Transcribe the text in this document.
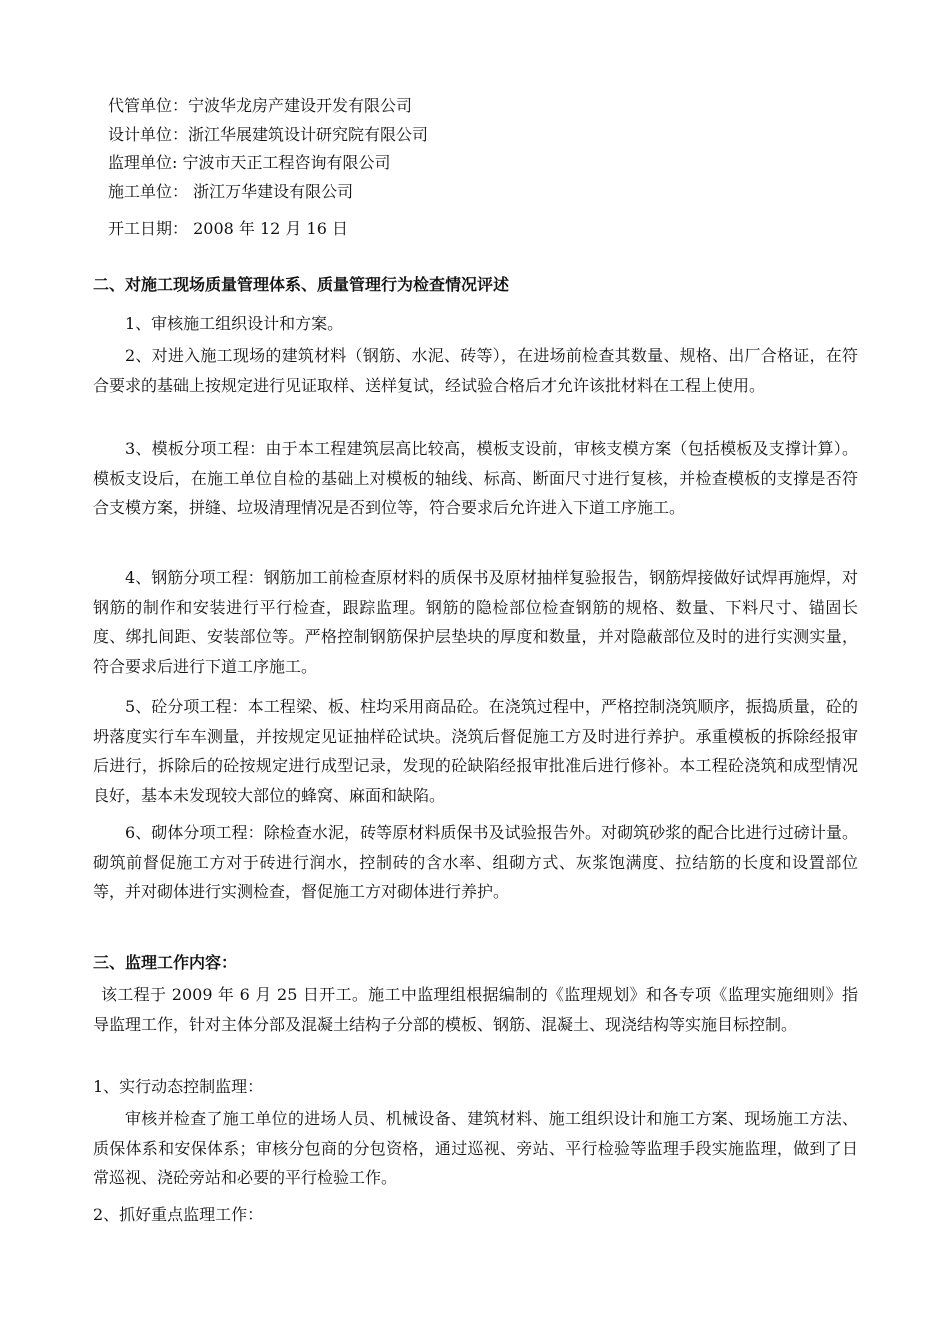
代管单位：宁波华龙房产建设开发有限公司
设计单位：浙江华展建筑设计研究院有限公司
监理单位: 宁波市天正工程咨询有限公司
施工单位： 浙江万华建设有限公司
开工日期： 2008 年 12 月 16 日
二、对施工现场质量管理体系、质量管理行为检查情况评述

1、审核施工组织设计和方案。

2、对进入施工现场的建筑材料（钢筋、水泥、砖等），在进场前检查其数量、规格、出厂合格证，在符合要求的基础上按规定进行见证取样、送样复试，经试验合格后才允许该批材料在工程上使用。

3、模板分项工程：由于本工程建筑层高比较高，模板支设前，审核支模方案（包括模板及支撑计算）。模板支设后，在施工单位自检的基础上对模板的轴线、标高、断面尺寸进行复核，并检查模板的支撑是否符合支模方案，拼缝、垃圾清理情况是否到位等，符合要求后允许进入下道工序施工。

4、钢筋分项工程：钢筋加工前检查原材料的质保书及原材抽样复验报告，钢筋焊接做好试焊再施焊，对钢筋的制作和安装进行平行检查，跟踪监理。钢筋的隐检部位检查钢筋的规格、数量、下料尺寸、锚固长度、绑扎间距、安装部位等。严格控制钢筋保护层垫块的厚度和数量，并对隐蔽部位及时的进行实测实量，符合要求后进行下道工序施工。

5、砼分项工程：本工程梁、板、柱均采用商品砼。在浇筑过程中，严格控制浇筑顺序，振捣质量，砼的坍落度实行车车测量，并按规定见证抽样砼试块。浇筑后督促施工方及时进行养护。承重模板的拆除经报审后进行，拆除后的砼按规定进行成型记录，发现的砼缺陷经报审批准后进行修补。本工程砼浇筑和成型情况良好，基本未发现较大部位的蜂窝、麻面和缺陷。

6、砌体分项工程：除检查水泥，砖等原材料质保书及试验报告外。对砌筑砂浆的配合比进行过磅计量。砌筑前督促施工方对于砖进行润水，控制砖的含水率、组砌方式、灰浆饱满度、拉结筋的长度和设置部位等，并对砌体进行实测检查，督促施工方对砌体进行养护。

三、监理工作内容：

该工程于 2009 年 6 月 25 日开工。施工中监理组根据编制的《监理规划》和各专项《监理实施细则》指导监理工作，针对主体分部及混凝土结构子分部的模板、钢筋、混凝土、现浇结构等实施目标控制。

1、实行动态控制监理：

审核并检查了施工单位的进场人员、机械设备、建筑材料、施工组织设计和施工方案、现场施工方法、质保体系和安保体系；审核分包商的分包资格，通过巡视、旁站、平行检验等监理手段实施监理，做到了日常巡视、浇砼旁站和必要的平行检验工作。

2、抓好重点监理工作：
